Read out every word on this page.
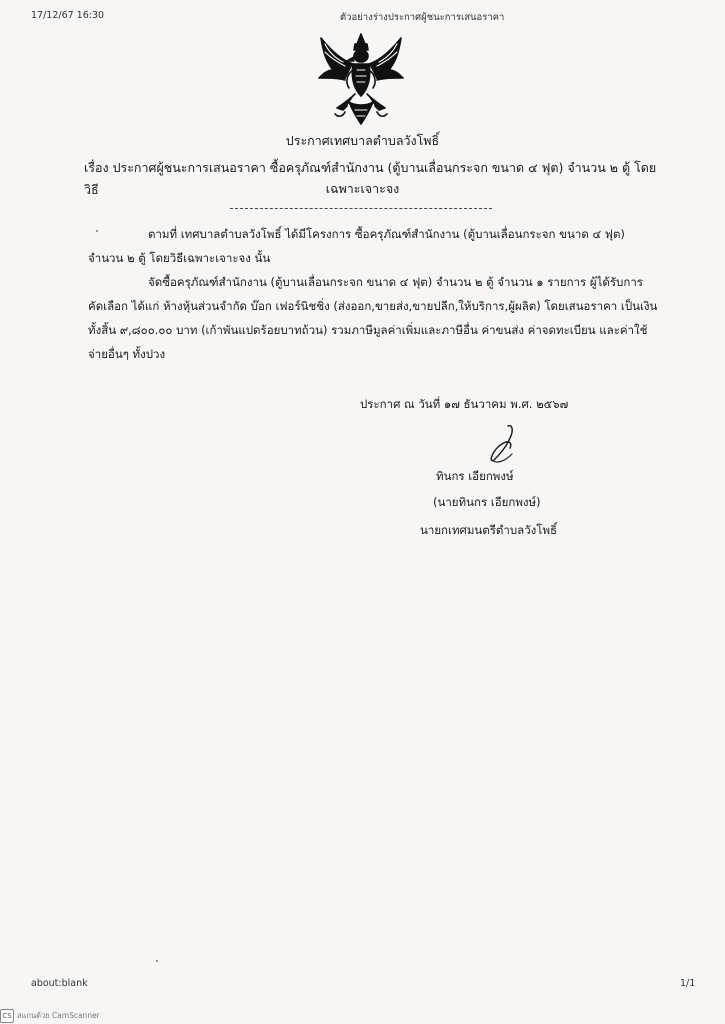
17/12/67 16:30	ตัวอย่างร่างประกาศผู้ชนะการเสนอราคา
ประกาศเทศบาลตำบลวังโพธิ์
เรื่อง ประกาศผู้ชนะการเสนอราคา ซื้อครุภัณฑ์สำนักงาน (ตู้บานเลื่อนกระจก ขนาด ๔ ฟุต) จำนวน ๒ ตู้ โดยวิธี	เฉพาะเจาะจง
ตามที่ เทศบาลตำบลวังโพธิ์ ได้มีโครงการ ซื้อครุภัณฑ์สำนักงาน (ตู้บานเลื่อนกระจก ขนาด ๔ ฟุต)
จำนวน ๒ ตู้ โดยวิธีเฉพาะเจาะจง นั้น
จัดซื้อครุภัณฑ์สำนักงาน (ตู้บานเลื่อนกระจก ขนาด ๔ ฟุต) จำนวน ๒ ตู้ จำนวน ๑ รายการ ผู้ได้รับการ
คัดเลือก ได้แก่ ห้างหุ้นส่วนจำกัด บ๊อก เฟอร์นิชชิ่ง (ส่งออก,ขายส่ง,ขายปลีก,ให้บริการ,ผู้ผลิต) โดยเสนอราคา เป็นเงิน
ทั้งสิ้น ๙,๘๐๐.๐๐ บาท (เก้าพันแปดร้อยบาทถ้วน) รวมภาษีมูลค่าเพิ่มและภาษีอื่น ค่าขนส่ง ค่าจดทะเบียน และค่าใช้
จ่ายอื่นๆ ทั้งปวง
ประกาศ ณ วันที่ ๑๗ ธันวาคม พ.ศ. ๒๕๖๗
ทินกร เอียกพงษ์
(นายทินกร เอียกพงษ์)
นายกเทศมนตรีตำบลวังโพธิ์
about:blank	1/1
CS สแกนด้วย CamScanner
